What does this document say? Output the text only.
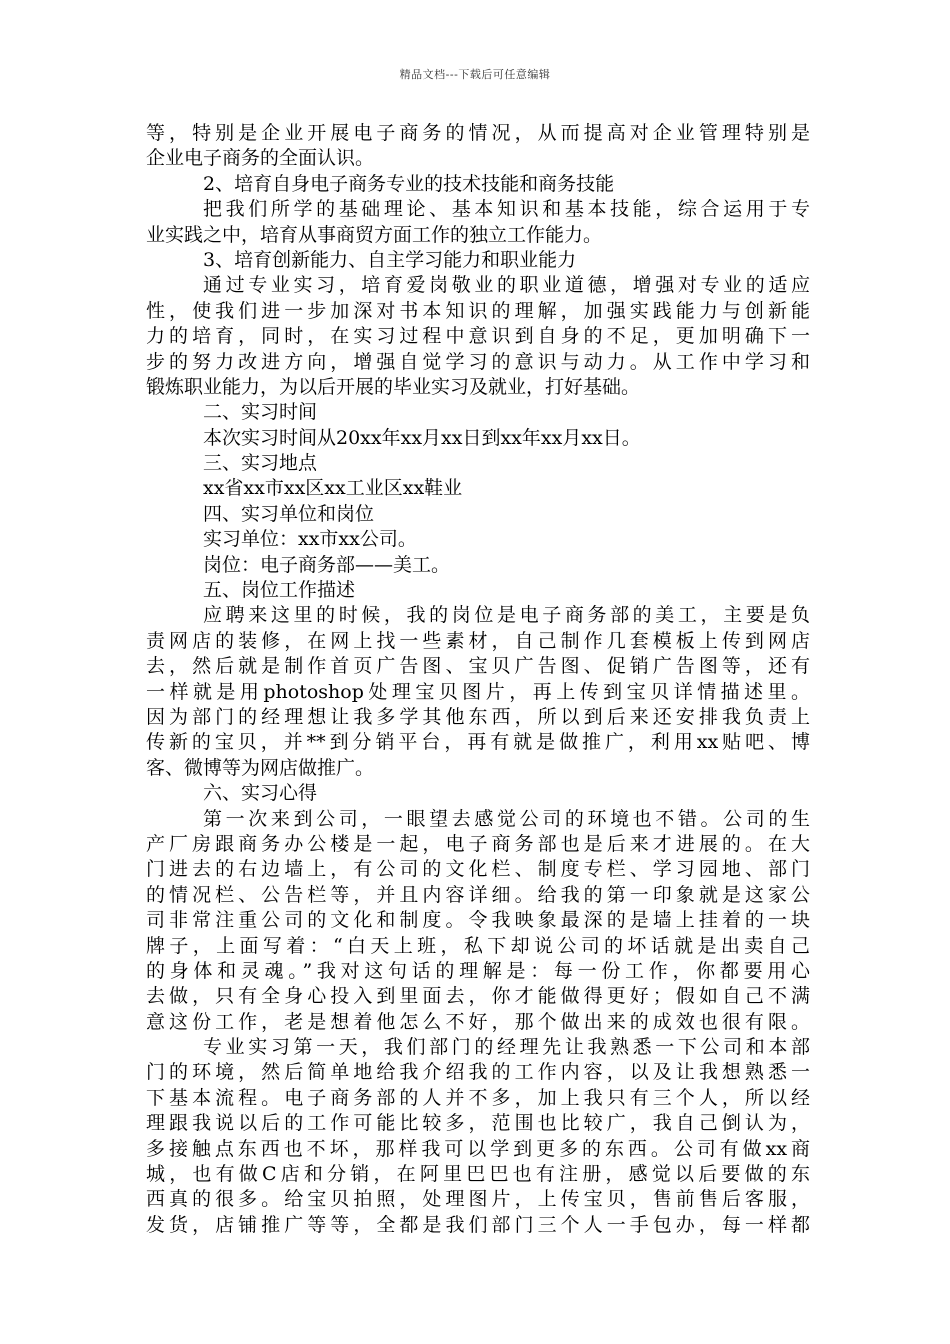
精品文档---下载后可任意编辑
等，特别是企业开展电子商务的情况，从而提高对企业管理特别是
企业电子商务的全面认识。
2、培育自身电子商务专业的技术技能和商务技能
把我们所学的基础理论、基本知识和基本技能，综合运用于专
业实践之中，培育从事商贸方面工作的独立工作能力。
3、培育创新能力、自主学习能力和职业能力
通过专业实习，培育爱岗敬业的职业道德，增强对专业的适应
性，使我们进一步加深对书本知识的理解，加强实践能力与创新能
力的培育，同时，在实习过程中意识到自身的不足，更加明确下一
步的努力改进方向，增强自觉学习的意识与动力。从工作中学习和
锻炼职业能力，为以后开展的毕业实习及就业，打好基础。
二、实习时间
本次实习时间从20xx年xx月xx日到xx年xx月xx日。
三、实习地点
xx省xx市xx区xx工业区xx鞋业
四、实习单位和岗位
实习单位：xx市xx公司。
岗位：电子商务部——美工。
五、岗位工作描述
应聘来这里的时候，我的岗位是电子商务部的美工，主要是负
责网店的装修，在网上找一些素材，自己制作几套模板上传到网店
去，然后就是制作首页广告图、宝贝广告图、促销广告图等，还有
一样就是用photoshop处理宝贝图片，再上传到宝贝详情描述里。
因为部门的经理想让我多学其他东西，所以到后来还安排我负责上
传新的宝贝，并**到分销平台，再有就是做推广，利用xx贴吧、博
客、微博等为网店做推广。
六、实习心得
第一次来到公司，一眼望去感觉公司的环境也不错。公司的生
产厂房跟商务办公楼是一起，电子商务部也是后来才进展的。在大
门进去的右边墙上，有公司的文化栏、制度专栏、学习园地、部门
的情况栏、公告栏等，并且内容详细。给我的第一印象就是这家公
司非常注重公司的文化和制度。令我映象最深的是墙上挂着的一块
牌子，上面写着：“白天上班，私下却说公司的坏话就是出卖自己
的身体和灵魂。”我对这句话的理解是：每一份工作，你都要用心
去做，只有全身心投入到里面去，你才能做得更好；假如自己不满
意这份工作，老是想着他怎么不好，那个做出来的成效也很有限。
专业实习第一天，我们部门的经理先让我熟悉一下公司和本部
门的环境，然后简单地给我介绍我的工作内容，以及让我想熟悉一
下基本流程。电子商务部的人并不多，加上我只有三个人，所以经
理跟我说以后的工作可能比较多，范围也比较广，我自己倒认为，
多接触点东西也不坏，那样我可以学到更多的东西。公司有做xx商
城，也有做C店和分销，在阿里巴巴也有注册，感觉以后要做的东
西真的很多。给宝贝拍照，处理图片，上传宝贝，售前售后客服，
发货，店铺推广等等，全都是我们部门三个人一手包办，每一样都
